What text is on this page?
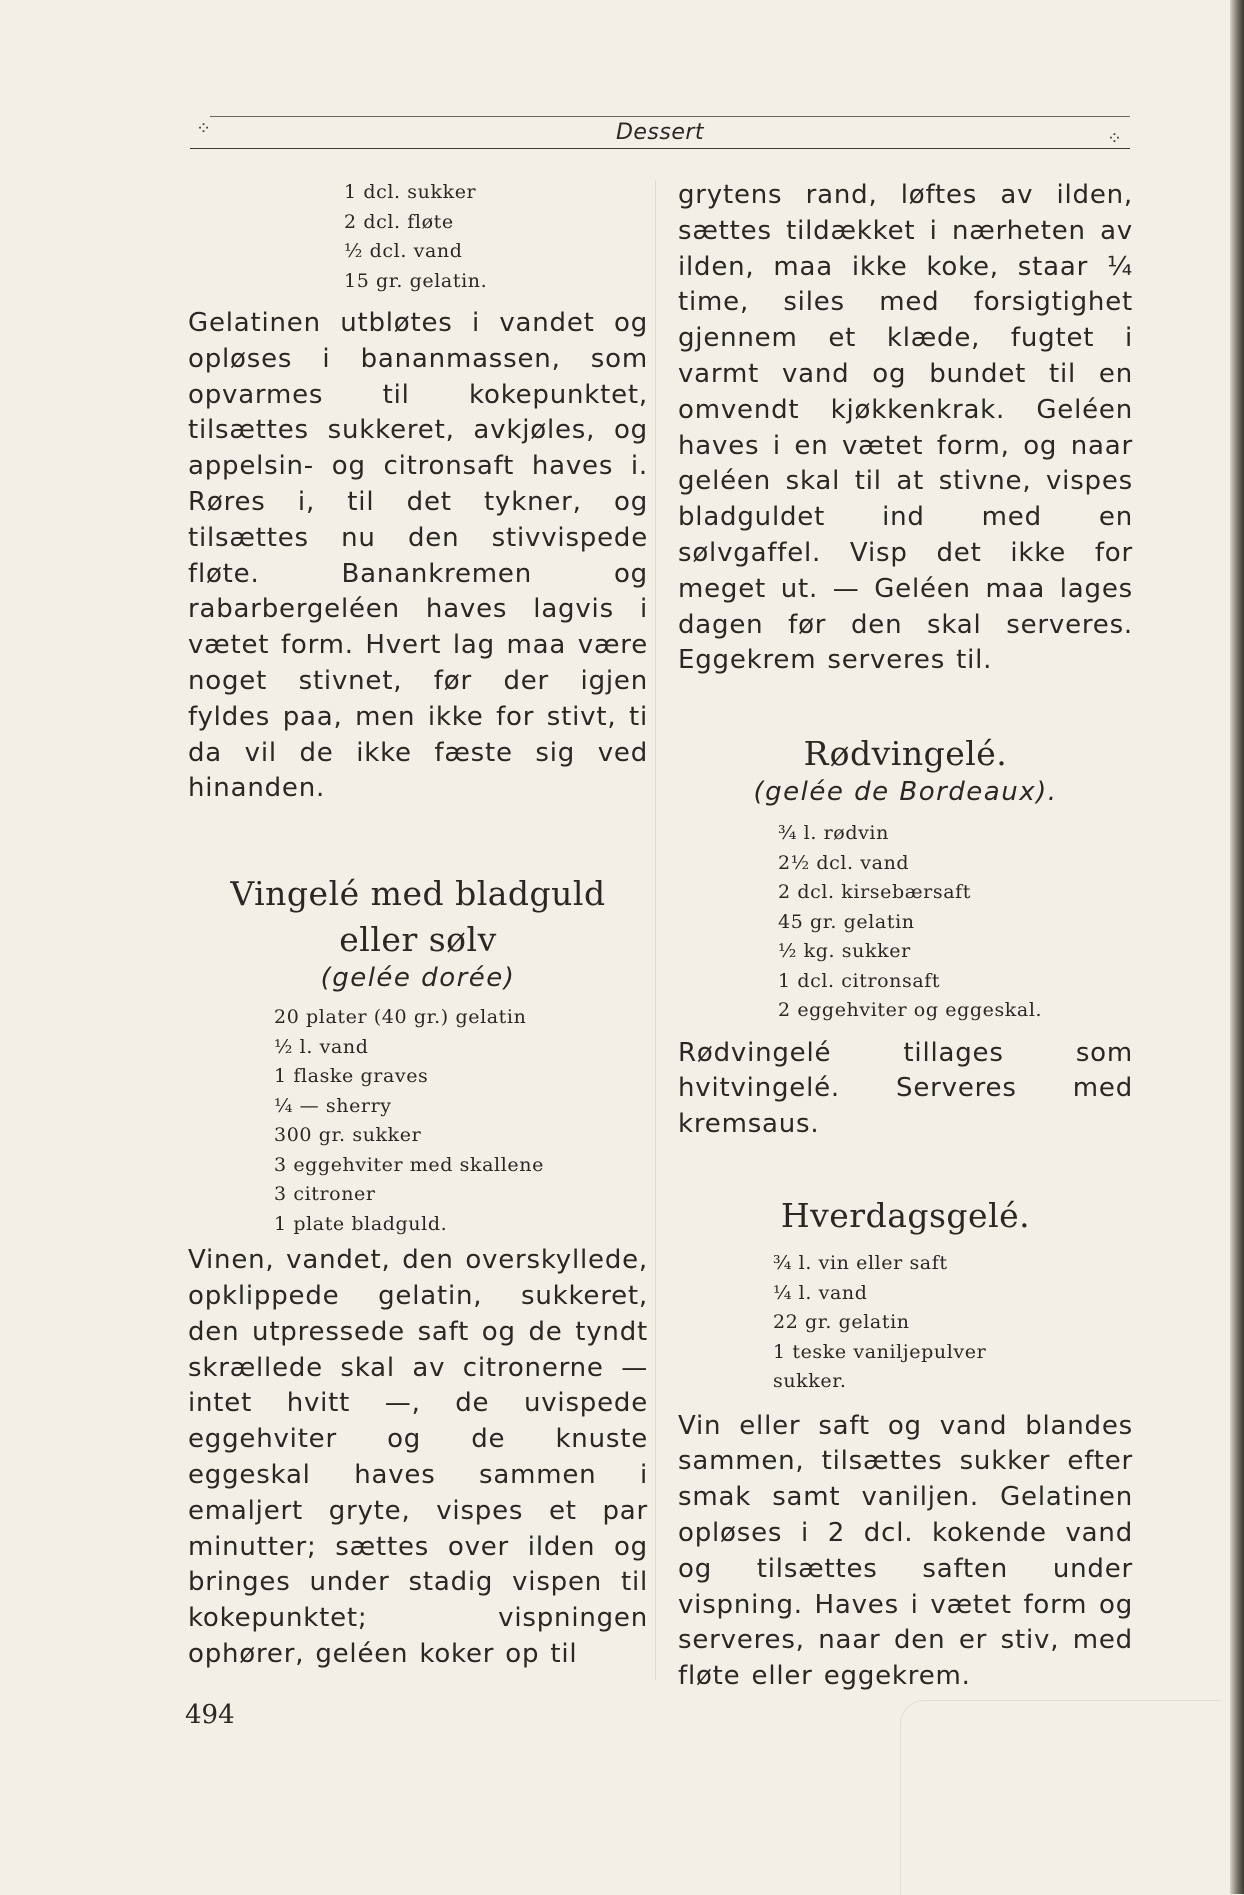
⁘	Dessert	⁘
1 dcl. sukker
2 dcl. fløte
½ dcl. vand
15 gr. gelatin.

Gelatinen utbløtes i vandet og opløses i bananmassen, som opvarmes til kokepunktet, tilsættes sukkeret, avkjøles, og appelsin- og citronsaft haves i. Røres i, til det tykner, og tilsættes nu den stivvispede fløte. Banankremen og rabarbergeléen haves lagvis i vætet form. Hvert lag maa være noget stivnet, før der igjen fyldes paa, men ikke for stivt, ti da vil de ikke fæste sig ved hinanden.

Vingelé med bladguld
eller sølv
(gelée dorée)
20 plater (40 gr.) gelatin
½ l. vand
1 flaske graves
¼ — sherry
300 gr. sukker
3 eggehviter med skallene
3 citroner
1 plate bladguld.

Vinen, vandet, den overskyllede, opklippede gelatin, sukkeret, den utpressede saft og de tyndt skrællede skal av citronerne — intet hvitt —, de uvispede eggehviter og de knuste eggeskal haves sammen i emaljert gryte, vispes et par minutter; sættes over ilden og bringes under stadig vispen til kokepunktet; vispningen ophører, geléen koker op til

grytens rand, løftes av ilden, sættes tildækket i nærheten av ilden, maa ikke koke, staar ¼ time, siles med forsigtighet gjennem et klæde, fugtet i varmt vand og bundet til en omvendt kjøkkenkrak. Geléen haves i en vætet form, og naar geléen skal til at stivne, vispes bladguldet ind med en sølvgaffel. Visp det ikke for meget ut. — Geléen maa lages dagen før den skal serveres. Eggekrem serveres til.

Rødvingelé.
(gelée de Bordeaux).
¾ l. rødvin
2½ dcl. vand
2 dcl. kirsebærsaft
45 gr. gelatin
½ kg. sukker
1 dcl. citronsaft
2 eggehviter og eggeskal.

Rødvingelé tillages som hvitvingelé. Serveres med kremsaus.

Hverdagsgelé.
¾ l. vin eller saft
¼ l. vand
22 gr. gelatin
1 teske vaniljepulver
sukker.

Vin eller saft og vand blandes sammen, tilsættes sukker efter smak samt vaniljen. Gelatinen opløses i 2 dcl. kokende vand og tilsættes saften under vispning. Haves i vætet form og serveres, naar den er stiv, med fløte eller eggekrem.

494
